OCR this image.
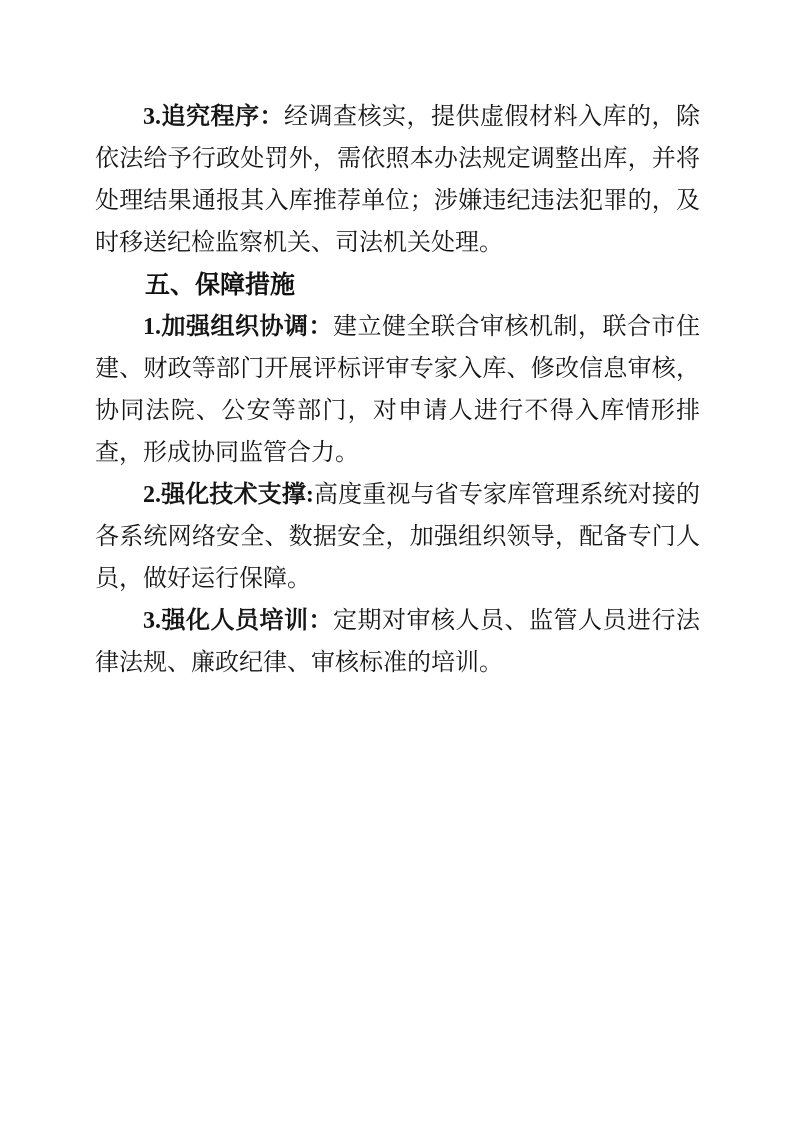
3.追究程序：经调查核实，提供虚假材料入库的，除依法给予行政处罚外，需依照本办法规定调整出库，并将处理结果通报其入库推荐单位；涉嫌违纪违法犯罪的，及时移送纪检监察机关、司法机关处理。

五、保障措施

1.加强组织协调：建立健全联合审核机制，联合市住建、财政等部门开展评标评审专家入库、修改信息审核，协同法院、公安等部门，对申请人进行不得入库情形排查，形成协同监管合力。

2.强化技术支撑:高度重视与省专家库管理系统对接的各系统网络安全、数据安全，加强组织领导，配备专门人员，做好运行保障。

3.强化人员培训：定期对审核人员、监管人员进行法律法规、廉政纪律、审核标准的培训。
